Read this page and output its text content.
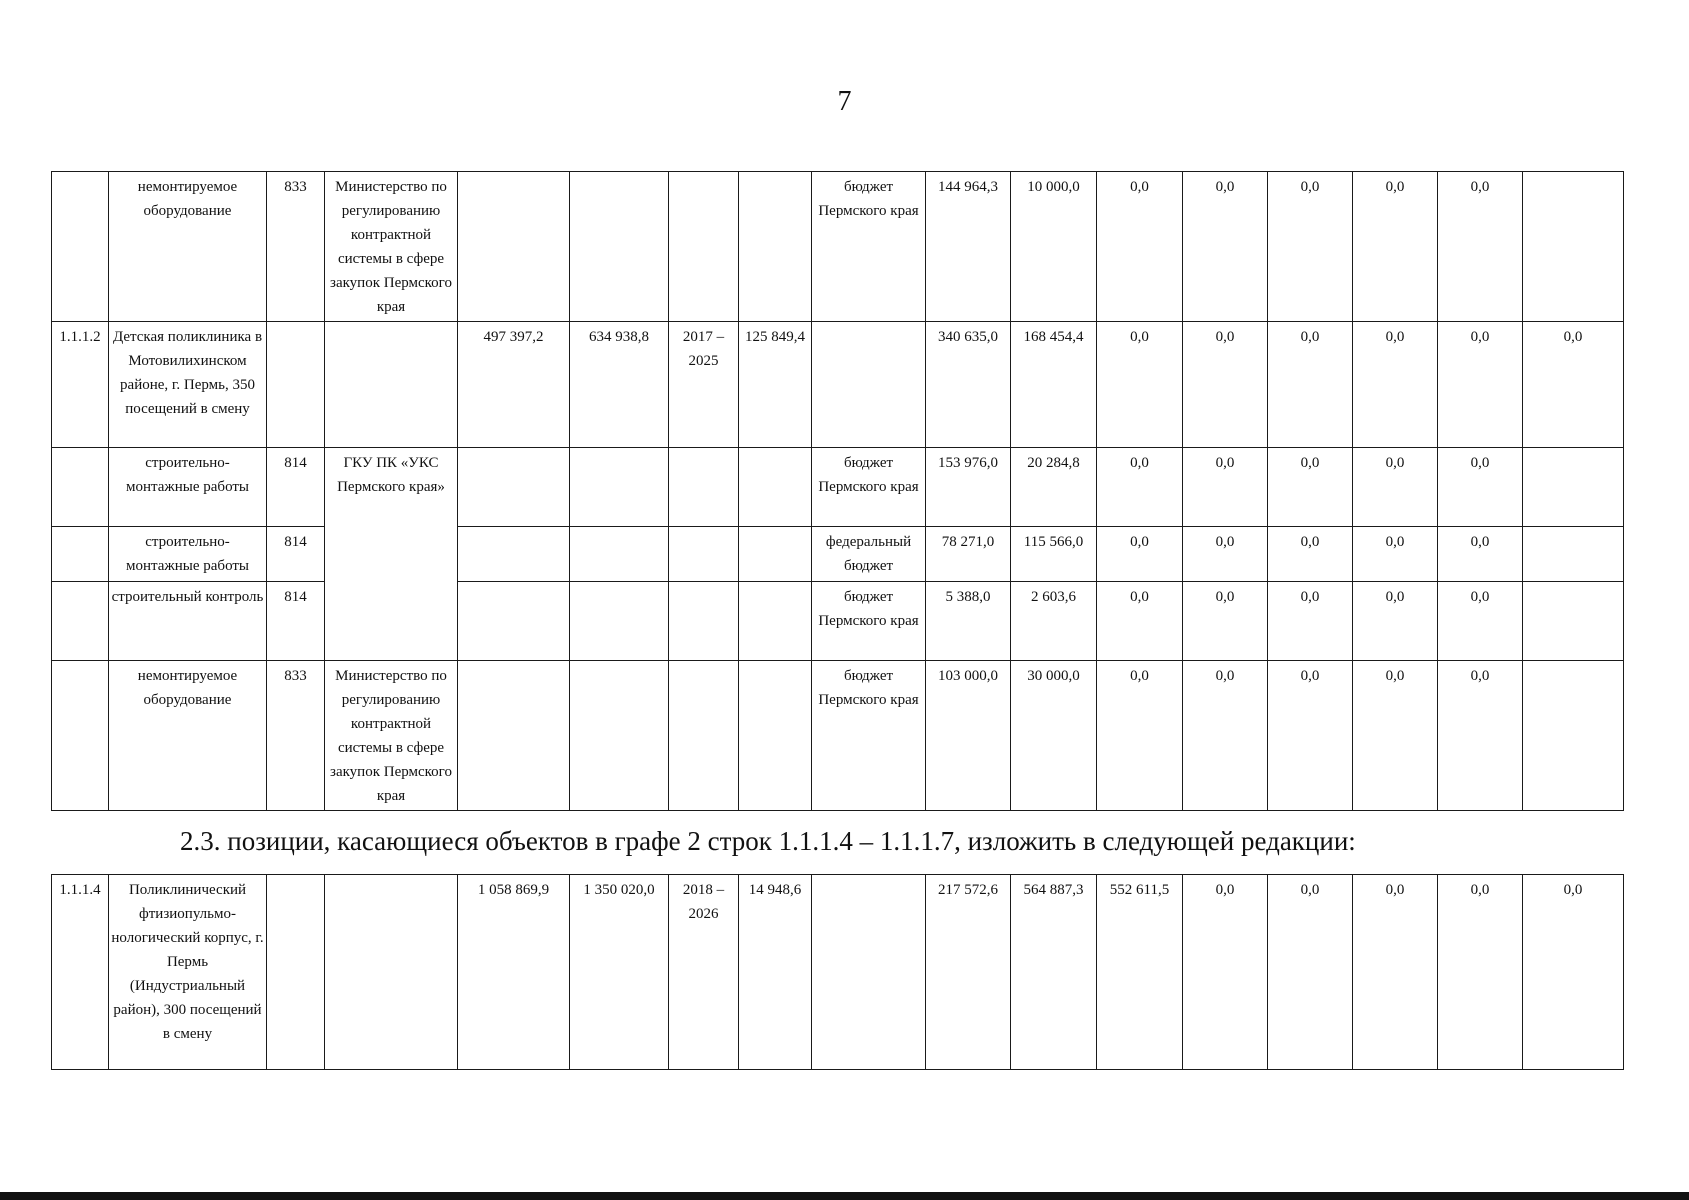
7
	немонтируемое оборудование	833	Министерство по регулированию контрактной системы в сфере закупок Пермского края					бюджет Пермского края	144 964,3	10 000,0	0,0	0,0	0,0	0,0	0,0	
1.1.1.2	Детская поликлиника в Мотовилихинском районе, г. Пермь, 350 посещений в смену			497 397,2	634 938,8	2017 – 2025	125 849,4		340 635,0	168 454,4	0,0	0,0	0,0	0,0	0,0	0,0
	строительно-монтажные работы	814	ГКУ ПК «УКС Пермского края»					бюджет Пермского края	153 976,0	20 284,8	0,0	0,0	0,0	0,0	0,0	
	строительно-монтажные работы	814						федеральный бюджет	78 271,0	115 566,0	0,0	0,0	0,0	0,0	0,0	
	строительный контроль	814						бюджет Пермского края	5 388,0	2 603,6	0,0	0,0	0,0	0,0	0,0	
	немонтируемое оборудование	833	Министерство по регулированию контрактной системы в сфере закупок Пермского края					бюджет Пермского края	103 000,0	30 000,0	0,0	0,0	0,0	0,0	0,0	
2.3. позиции, касающиеся объектов в графе 2 строк 1.1.1.4 – 1.1.1.7, изложить в следующей редакции:
1.1.1.4	Поликлинический фтизиопульмо-нологический корпус, г. Пермь (Индустриальный район), 300 посещений в смену			1 058 869,9	1 350 020,0	2018 – 2026	14 948,6		217 572,6	564 887,3	552 611,5	0,0	0,0	0,0	0,0	0,0
